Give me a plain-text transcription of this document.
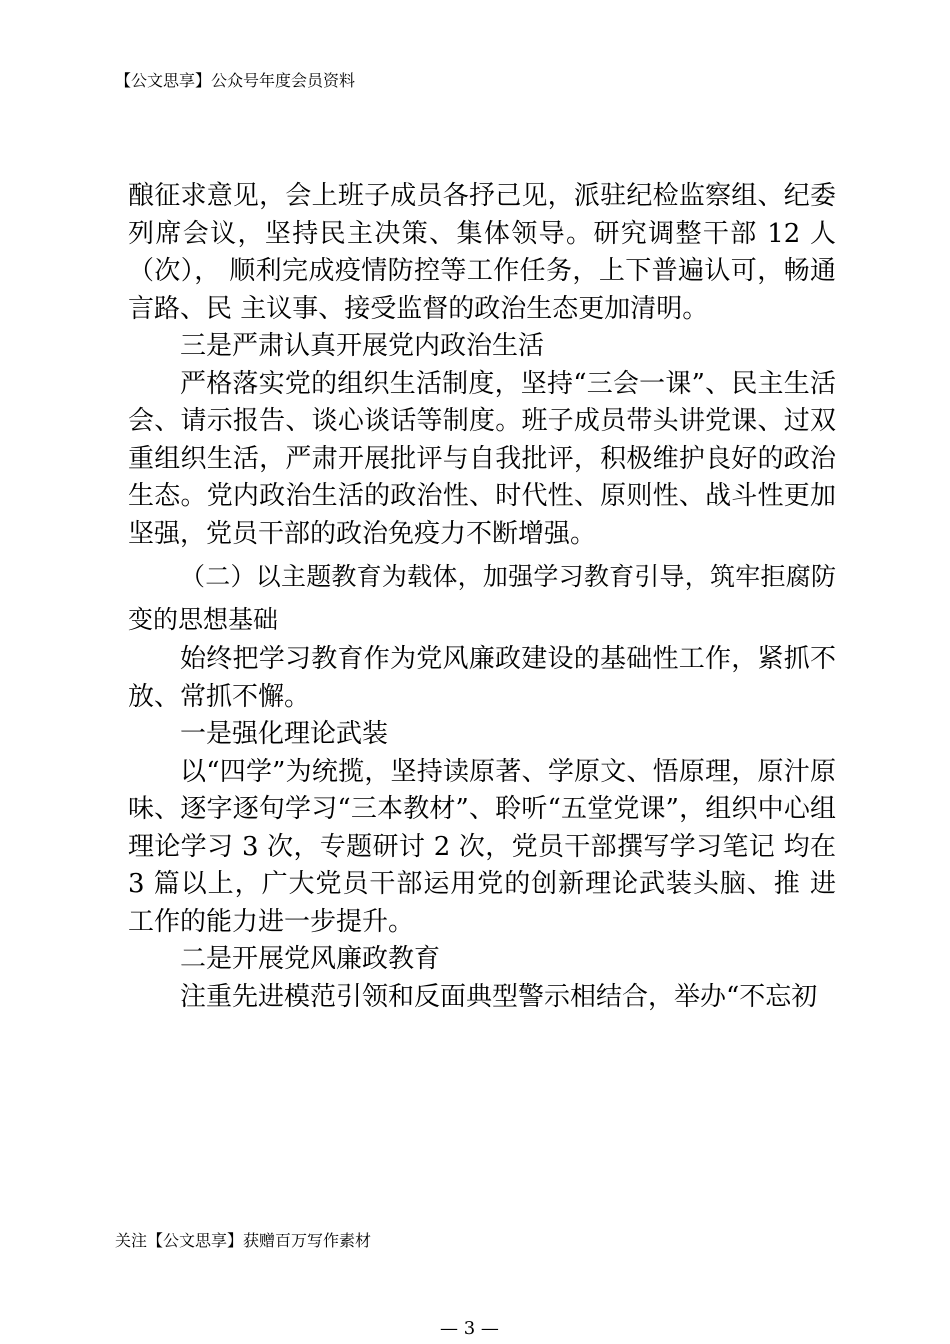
【公文思享】公众号年度会员资料

酿征求意见，会上班子成员各抒己见，派驻纪检监察组、纪委列席会议，坚持民主决策、集体领导。研究调整干部 12 人（次）， 顺利完成疫情防控等工作任务，上下普遍认可，畅通言路、民 主议事、接受监督的政治生态更加清明。

三是严肃认真开展党内政治生活

严格落实党的组织生活制度，坚持“三会一课”、民主生活会、请示报告、谈心谈话等制度。班子成员带头讲党课、过双重组织生活，严肃开展批评与自我批评，积极维护良好的政治生态。党内政治生活的政治性、时代性、原则性、战斗性更加坚强，党员干部的政治免疫力不断增强。

（二）以主题教育为载体，加强学习教育引导，筑牢拒腐防变的思想基础

始终把学习教育作为党风廉政建设的基础性工作，紧抓不放、常抓不懈。

一是强化理论武装

以“四学”为统揽，坚持读原著、学原文、悟原理，原汁原味、逐字逐句学习“三本教材”、聆听“五堂党课”，组织中心组理论学习 3 次，专题研讨 2 次，党员干部撰写学习笔记 均在 3 篇以上，广大党员干部运用党的创新理论武装头脑、推 进工作的能力进一步提升。

二是开展党风廉政教育

注重先进模范引领和反面典型警示相结合，举办“不忘初

关注【公文思享】获赠百万写作素材
— 3 —
